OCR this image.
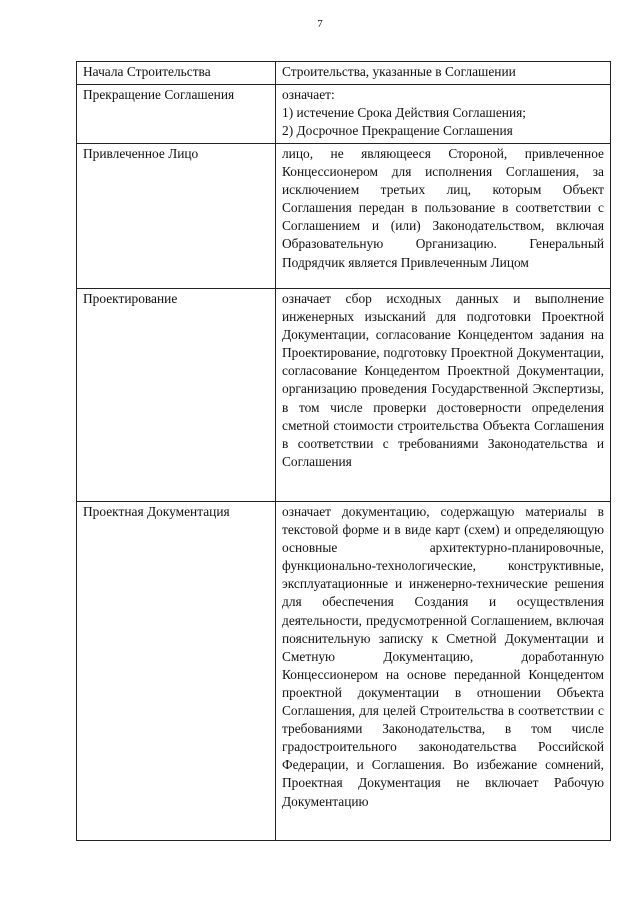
7
Начала Строительства	Строительства, указанные в Соглашении
Прекращение Соглашения	означает:
1) истечение Срока Действия Соглашения;
2) Досрочное Прекращение Соглашения

Привлеченное Лицо	лицо, не являющееся Стороной, привлеченное Концессионером для исполнения Соглашения, за исключением третьих лиц, которым Объект Соглашения передан в пользование в соответствии с Соглашением и (или) Законодательством, включая Образовательную Организацию. Генеральный Подрядчик является Привлеченным Лицом
Проектирование	означает сбор исходных данных и выполнение инженерных изысканий для подготовки Проектной Документации, согласование Концедентом задания на Проектирование, подготовку Проектной Документации, согласование Концедентом Проектной Документации, организацию проведения Государственной Экспертизы, в том числе проверки достоверности определения сметной стоимости строительства Объекта Соглашения в соответствии с требованиями Законодательства и Соглашения
Проектная Документация	означает документацию, содержащую материалы в текстовой форме и в виде карт (схем) и определяющую основные архитектурно-планировочные, функционально-технологические, конструктивные, эксплуатационные и инженерно-технические решения для обеспечения Создания и осуществления деятельности, предусмотренной Соглашением, включая пояснительную записку к Сметной Документации и Сметную Документацию, доработанную Концессионером на основе переданной Концедентом проектной документации в отношении Объекта Соглашения, для целей Строительства в соответствии с требованиями Законодательства, в том числе градостроительного законодательства Российской Федерации, и Соглашения. Во избежание сомнений, Проектная Документация не включает Рабочую Документацию
